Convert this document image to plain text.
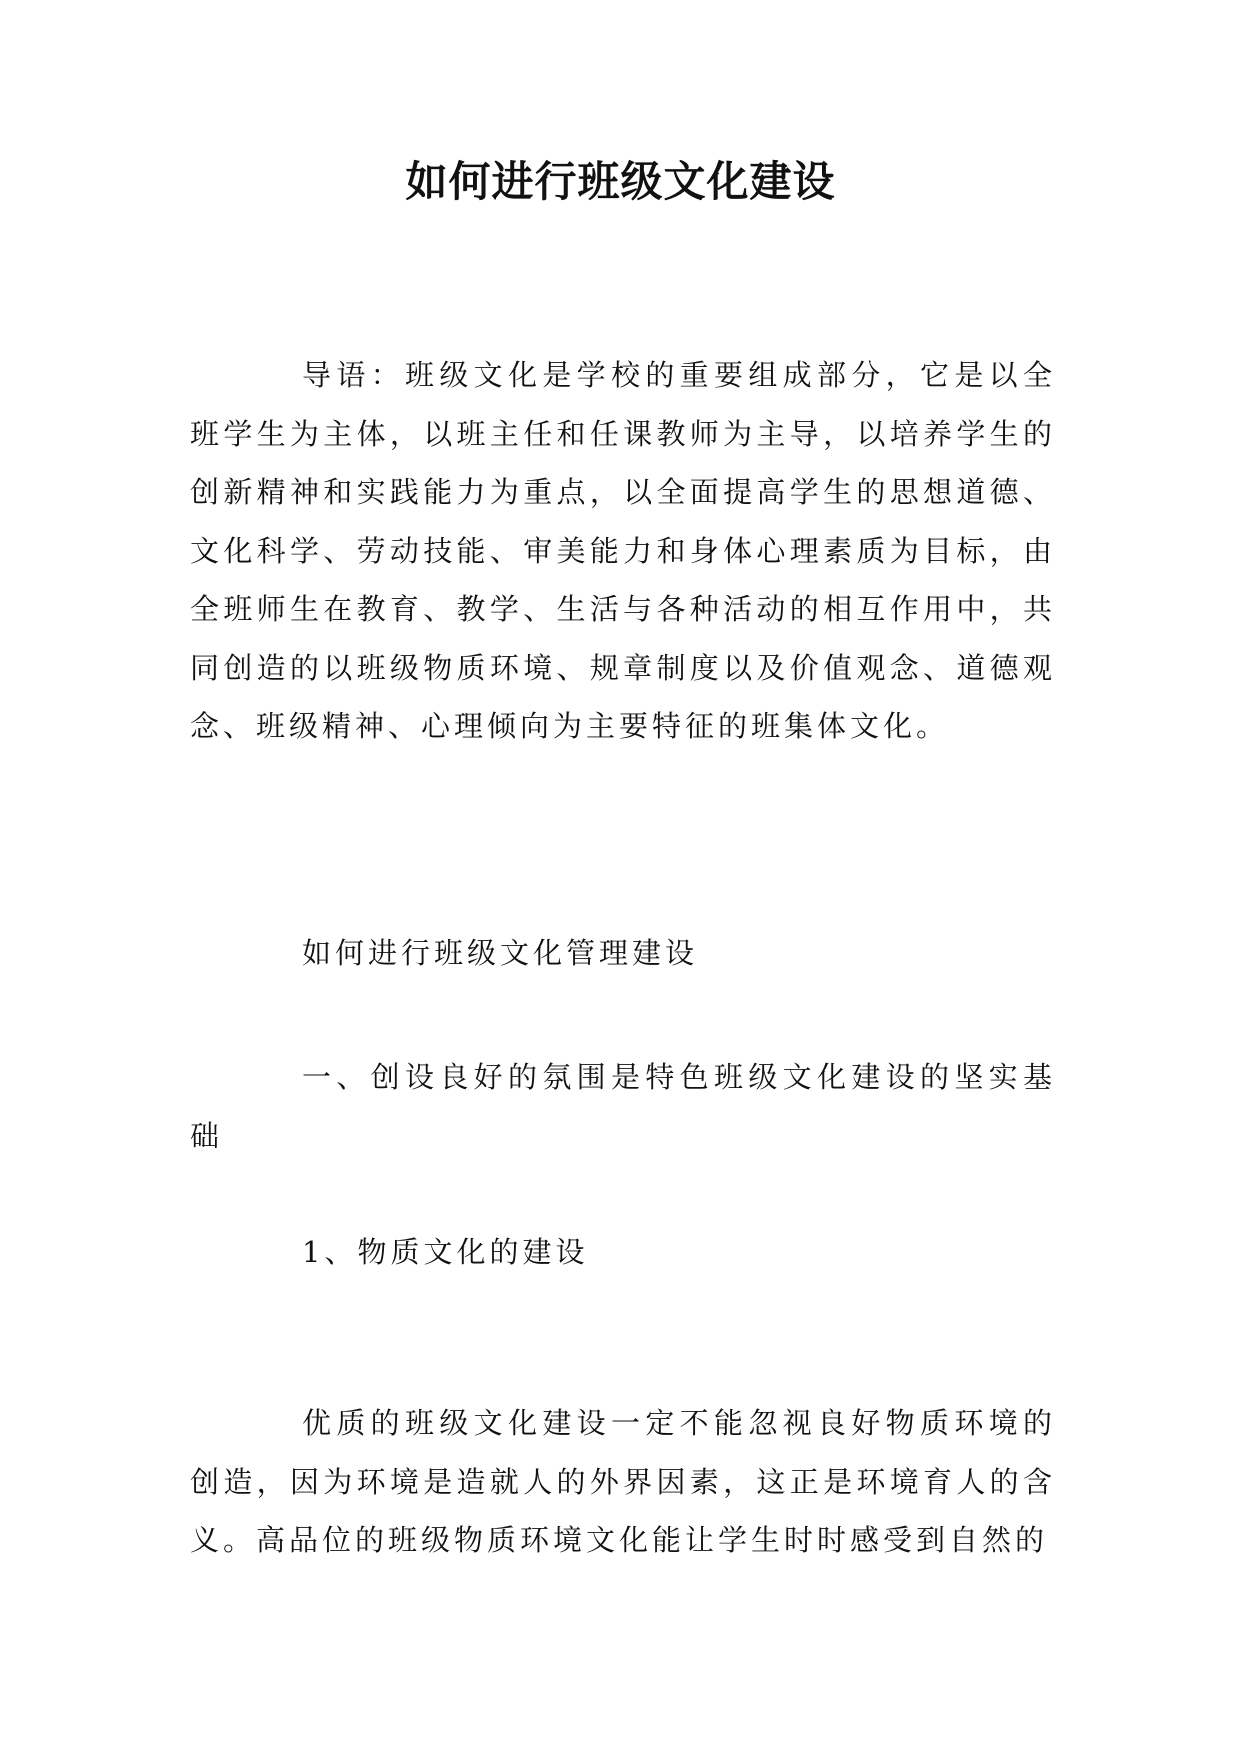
如何进行班级文化建设

导语：班级文化是学校的重要组成部分，它是以全班学生为主体，以班主任和任课教师为主导，以培养学生的创新精神和实践能力为重点，以全面提高学生的思想道德、文化科学、劳动技能、审美能力和身体心理素质为目标，由全班师生在教育、教学、生活与各种活动的相互作用中，共同创造的以班级物质环境、规章制度以及价值观念、道德观念、班级精神、心理倾向为主要特征的班集体文化。

如何进行班级文化管理建设

一、创设良好的氛围是特色班级文化建设的坚实基础

1、物质文化的建设

优质的班级文化建设一定不能忽视良好物质环境的创造，因为环境是造就人的外界因素，这正是环境育人的含义。高品位的班级物质环境文化能让学生时时感受到自然的
